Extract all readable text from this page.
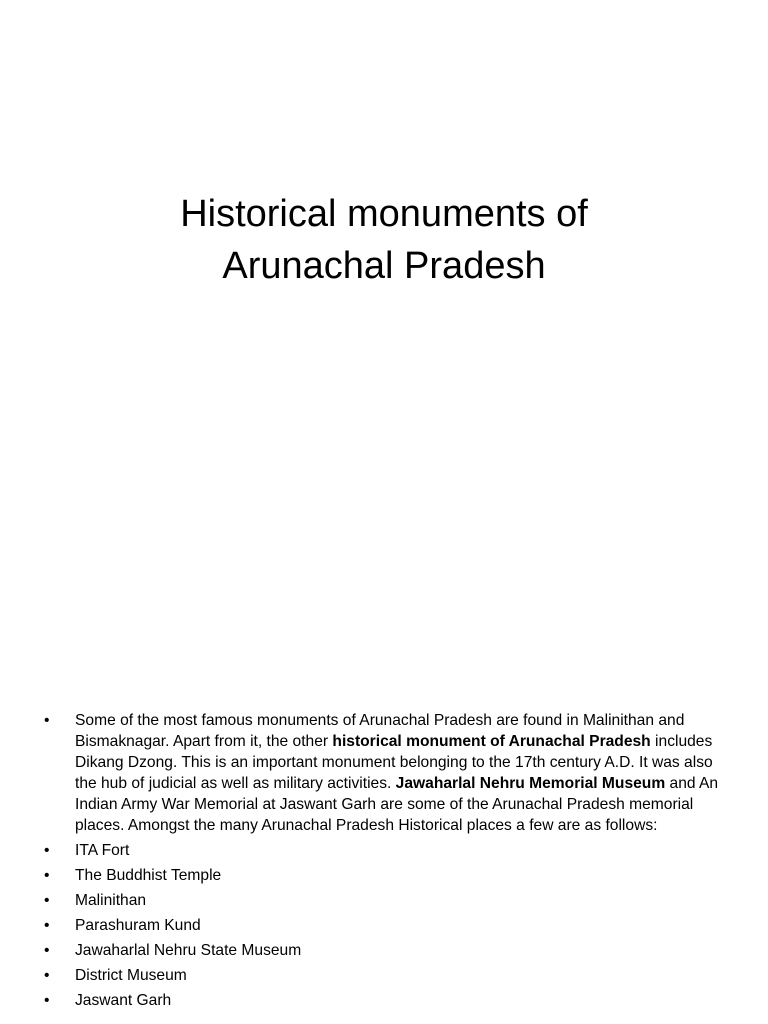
Historical monuments of
Arunachal Pradesh
• Some of the most famous monuments of Arunachal Pradesh are found in Malinithan and Bismaknagar. Apart from it, the other historical monument of Arunachal Pradesh includes Dikang Dzong. This is an important monument belonging to the 17th century A.D. It was also the hub of judicial as well as military activities. Jawaharlal Nehru Memorial Museum and An Indian Army War Memorial at Jaswant Garh are some of the Arunachal Pradesh memorial places. Amongst the many Arunachal Pradesh Historical places a few are as follows:
• ITA Fort
• The Buddhist Temple
• Malinithan
• Parashuram Kund
• Jawaharlal Nehru State Museum
• District Museum
• Jaswant Garh
